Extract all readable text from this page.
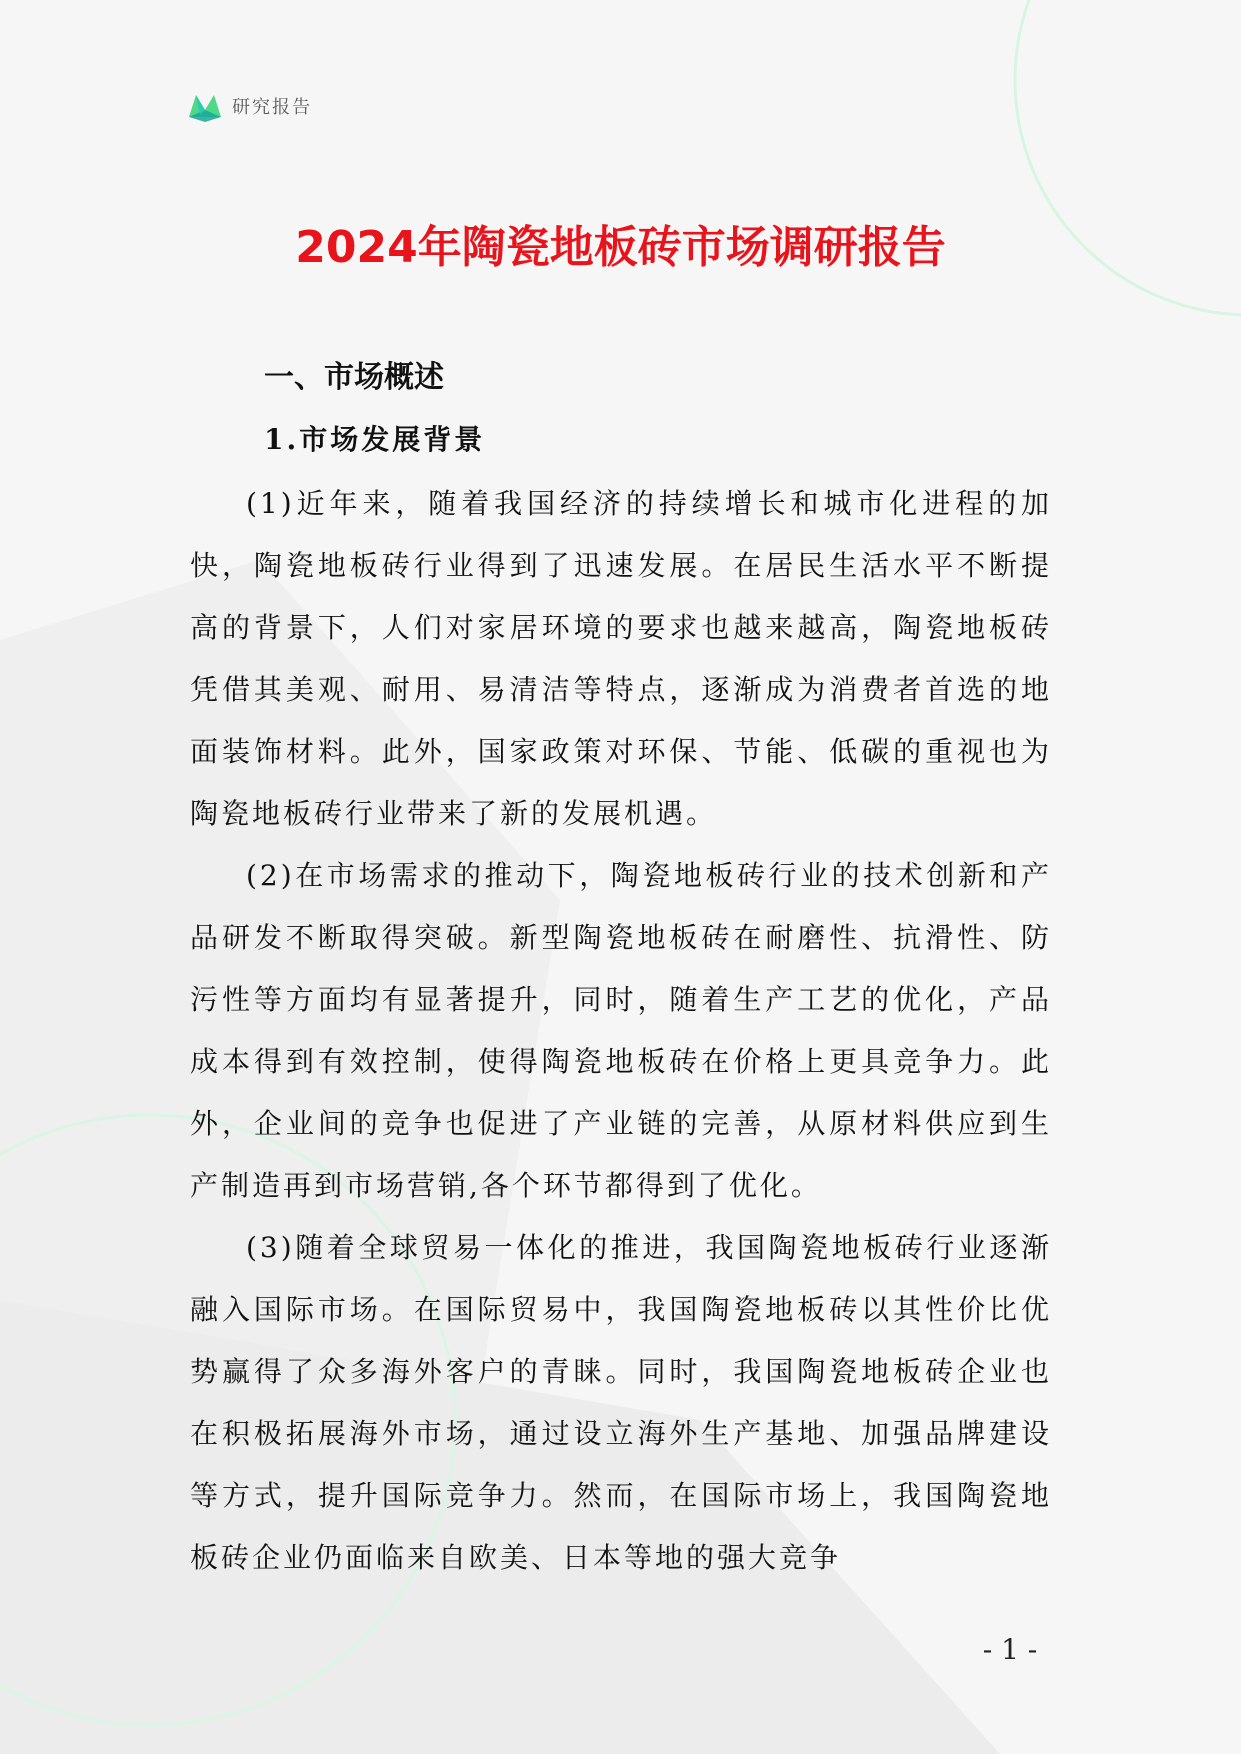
研究报告
2024年陶瓷地板砖市场调研报告
一、市场概述
1.市场发展背景

(1)近年来，随着我国经济的持续增长和城市化进程的加快，陶瓷地板砖行业得到了迅速发展。在居民生活水平不断提高的背景下，人们对家居环境的要求也越来越高，陶瓷地板砖凭借其美观、耐用、易清洁等特点，逐渐成为消费者首选的地面装饰材料。此外，国家政策对环保、节能、低碳的重视也为陶瓷地板砖行业带来了新的发展机遇。

(2)在市场需求的推动下，陶瓷地板砖行业的技术创新和产品研发不断取得突破。新型陶瓷地板砖在耐磨性、抗滑性、防污性等方面均有显著提升，同时，随着生产工艺的优化，产品成本得到有效控制，使得陶瓷地板砖在价格上更具竞争力。此外，企业间的竞争也促进了产业链的完善，从原材料供应到生产制造再到市场营销,各个环节都得到了优化。

(3)随着全球贸易一体化的推进，我国陶瓷地板砖行业逐渐融入国际市场。在国际贸易中，我国陶瓷地板砖以其性价比优势赢得了众多海外客户的青睐。同时，我国陶瓷地板砖企业也在积极拓展海外市场，通过设立海外生产基地、加强品牌建设等方式，提升国际竞争力。然而，在国际市场上，我国陶瓷地板砖企业仍面临来自欧美、日本等地的强大竞争

- 1 -
